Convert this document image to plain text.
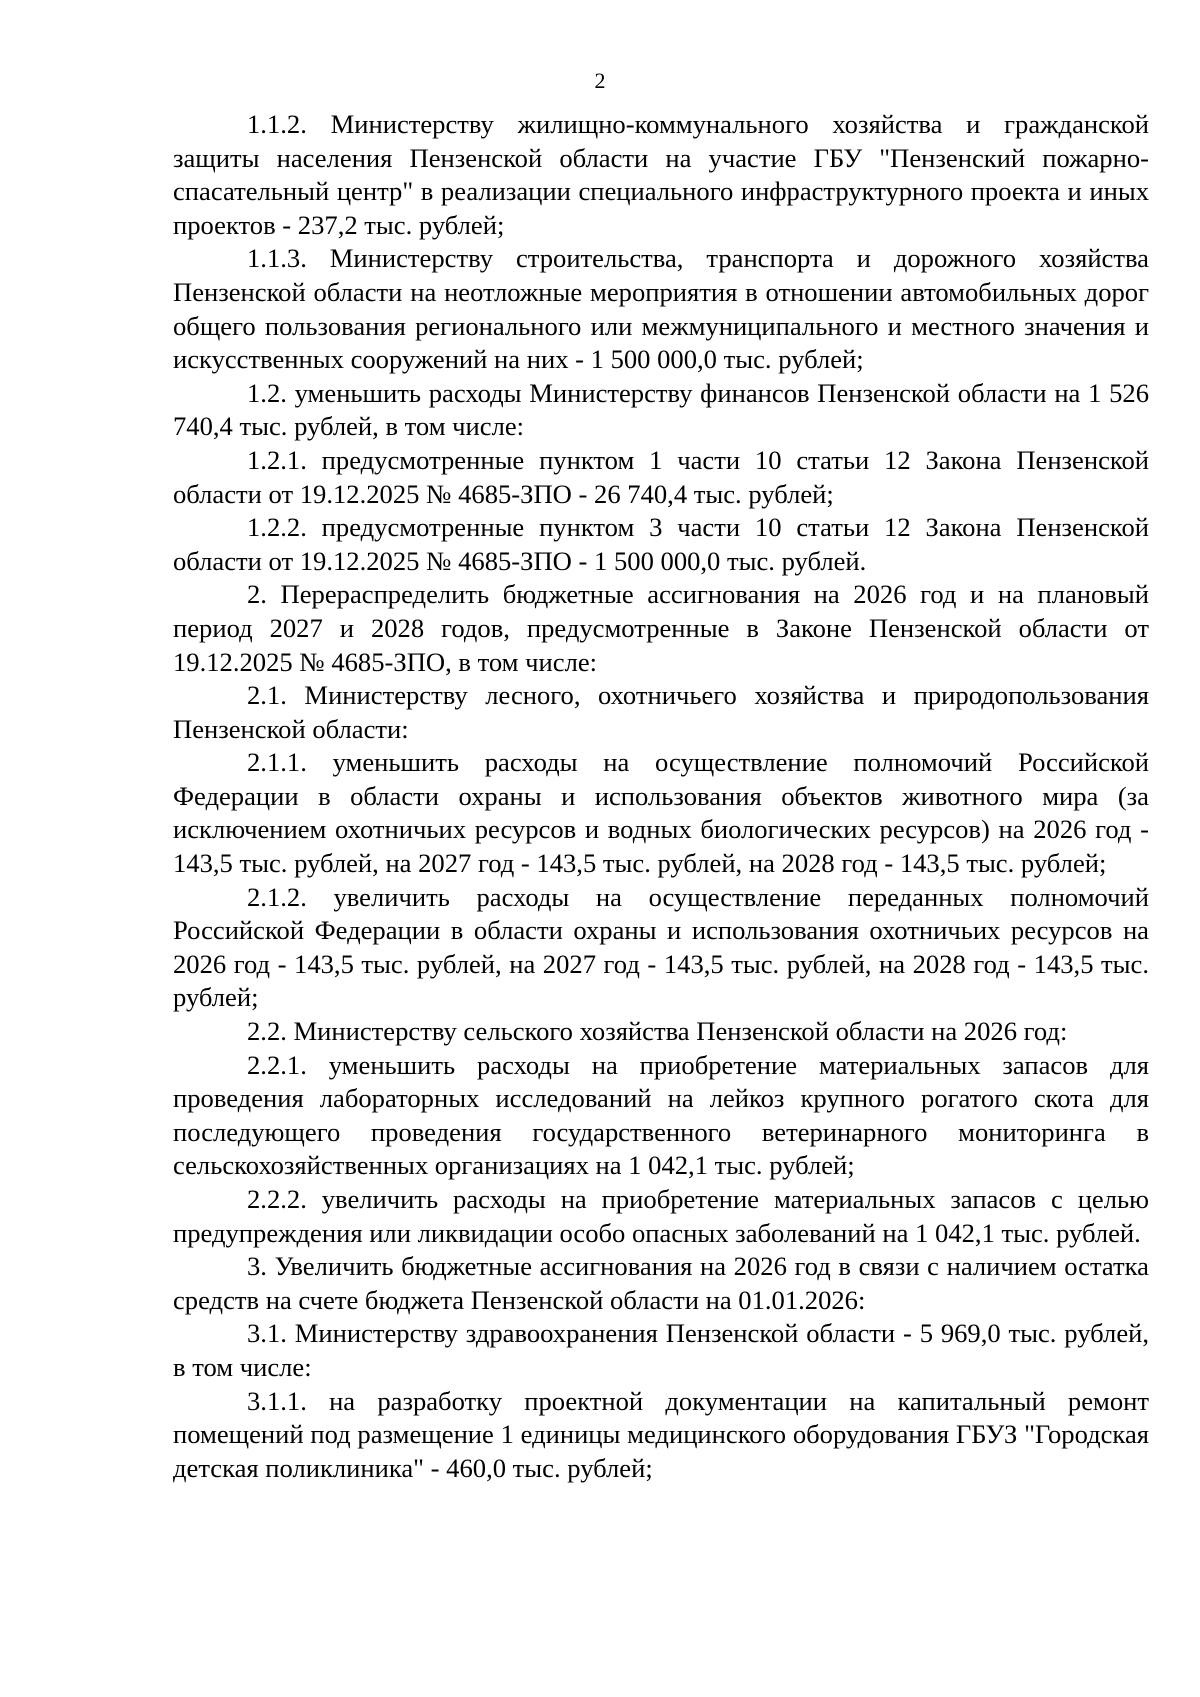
2

1.1.2. Министерству жилищно-коммунального хозяйства и гражданской защиты населения Пензенской области на участие ГБУ "Пензенский пожарно-спасательный центр" в реализации специального инфраструктурного проекта и иных проектов - 237,2 тыс. рублей;

1.1.3. Министерству строительства, транспорта и дорожного хозяйства Пензенской области на неотложные мероприятия в отношении автомобильных дорог общего пользования регионального или межмуниципального и местного значения и искусственных сооружений на них - 1 500 000,0 тыс. рублей;

1.2. уменьшить расходы Министерству финансов Пензенской области на 1 526 740,4 тыс. рублей, в том числе:

1.2.1. предусмотренные пунктом 1 части 10 статьи 12 Закона Пензенской области от 19.12.2025 № 4685-ЗПО - 26 740,4 тыс. рублей;

1.2.2. предусмотренные пунктом 3 части 10 статьи 12 Закона Пензенской области от 19.12.2025 № 4685-ЗПО - 1 500 000,0 тыс. рублей.

2. Перераспределить бюджетные ассигнования на 2026 год и на плановый период 2027 и 2028 годов, предусмотренные в Законе Пензенской области от 19.12.2025 № 4685-ЗПО, в том числе:

2.1. Министерству лесного, охотничьего хозяйства и природопользования Пензенской области:

2.1.1. уменьшить расходы на осуществление полномочий Российской Федерации в области охраны и использования объектов животного мира (за исключением охотничьих ресурсов и водных биологических ресурсов) на 2026 год - 143,5 тыс. рублей, на 2027 год - 143,5 тыс. рублей, на 2028 год - 143,5 тыс. рублей;

2.1.2. увеличить расходы на осуществление переданных полномочий Российской Федерации в области охраны и использования охотничьих ресурсов на 2026 год - 143,5 тыс. рублей, на 2027 год - 143,5 тыс. рублей, на 2028 год - 143,5 тыс. рублей;

2.2. Министерству сельского хозяйства Пензенской области на 2026 год:

2.2.1. уменьшить расходы на приобретение материальных запасов для проведения лабораторных исследований на лейкоз крупного рогатого скота для последующего проведения государственного ветеринарного мониторинга в сельскохозяйственных организациях на 1 042,1 тыс. рублей;

2.2.2. увеличить расходы на приобретение материальных запасов с целью предупреждения или ликвидации особо опасных заболеваний на 1 042,1 тыс. рублей.

3. Увеличить бюджетные ассигнования на 2026 год в связи с наличием остатка средств на счете бюджета Пензенской области на 01.01.2026:

3.1. Министерству здравоохранения Пензенской области - 5 969,0 тыс. рублей, в том числе:

3.1.1. на разработку проектной документации на капитальный ремонт помещений под размещение 1 единицы медицинского оборудования ГБУЗ "Городская детская поликлиника" - 460,0 тыс. рублей;
